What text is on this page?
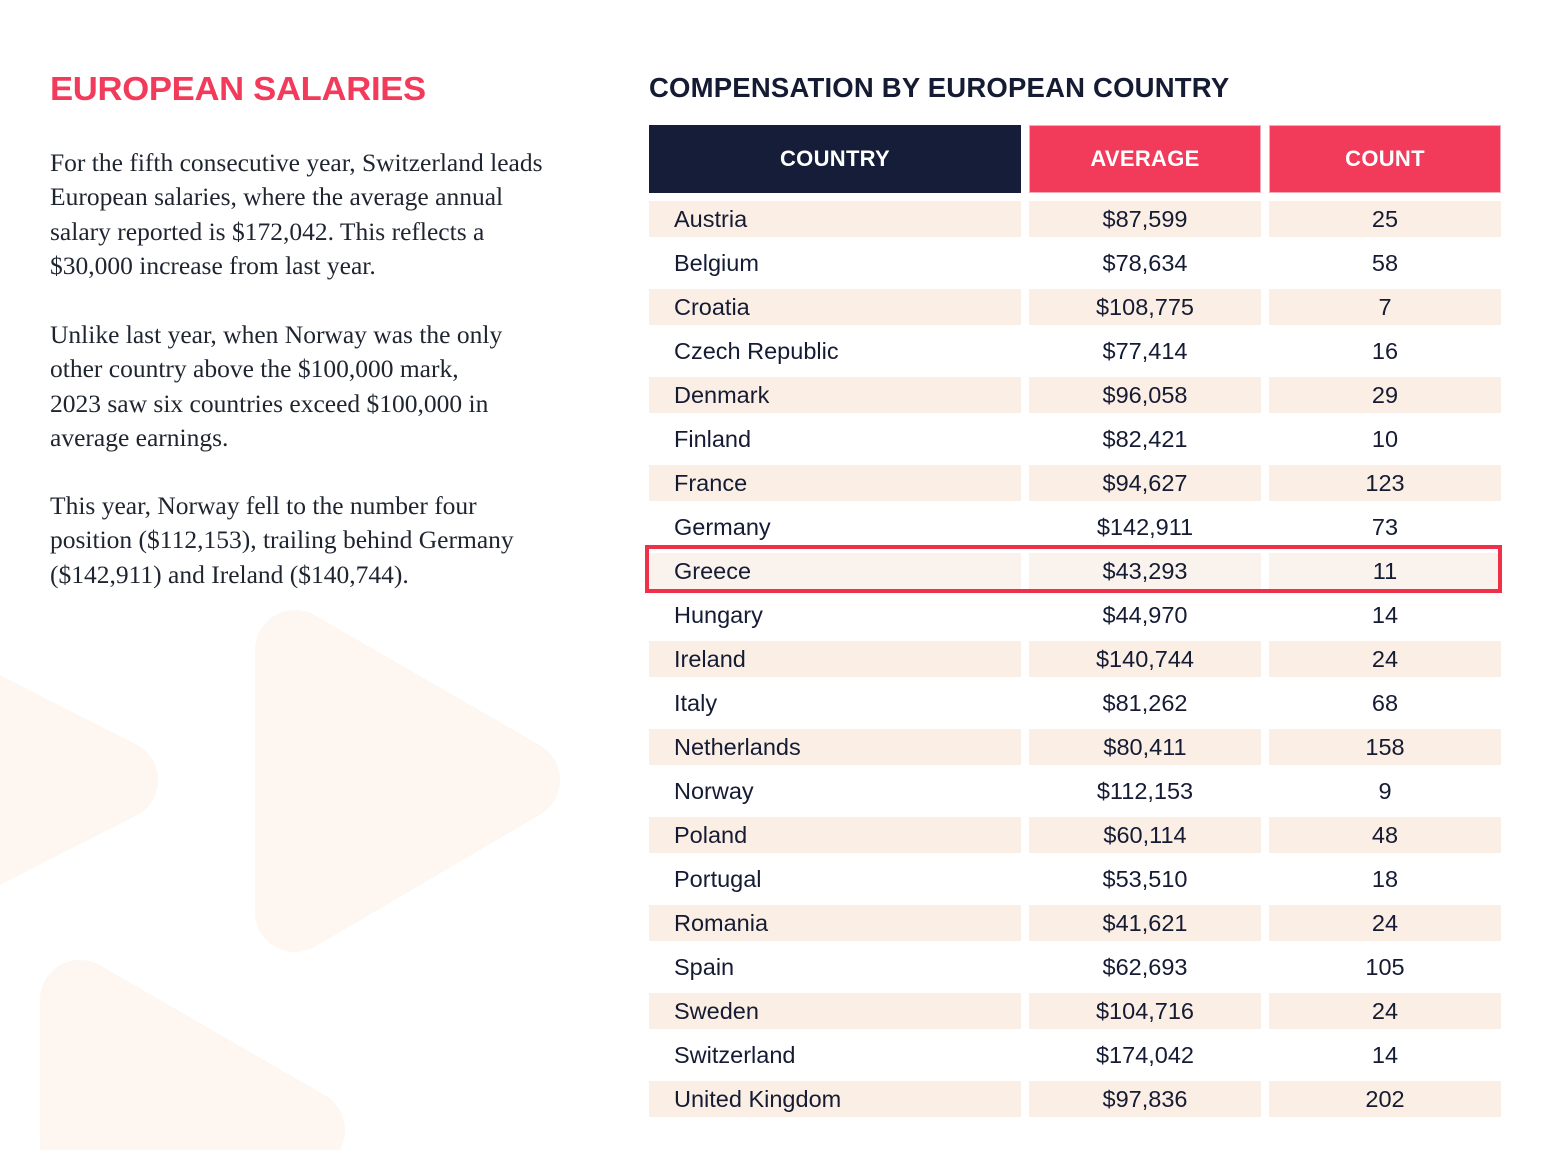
EUROPEAN SALARIES

For the fifth consecutive year, Switzerland leads European salaries, where the average annual salary reported is $172,042. This reflects a $30,000 increase from last year.

Unlike last year, when Norway was the only other country above the $100,000 mark, 2023 saw six countries exceed $100,000 in average earnings.

This year, Norway fell to the number four position ($112,153), trailing behind Germany ($142,911) and Ireland ($140,744).

COMPENSATION BY EUROPEAN COUNTRY
COUNTRY	AVERAGE	COUNT
Austria	$87,599	25
Belgium	$78,634	58
Croatia	$108,775	7
Czech Republic	$77,414	16
Denmark	$96,058	29
Finland	$82,421	10
France	$94,627	123
Germany	$142,911	73
Greece	$43,293	11
Hungary	$44,970	14
Ireland	$140,744	24
Italy	$81,262	68
Netherlands	$80,411	158
Norway	$112,153	9
Poland	$60,114	48
Portugal	$53,510	18
Romania	$41,621	24
Spain	$62,693	105
Sweden	$104,716	24
Switzerland	$174,042	14
United Kingdom	$97,836	202
